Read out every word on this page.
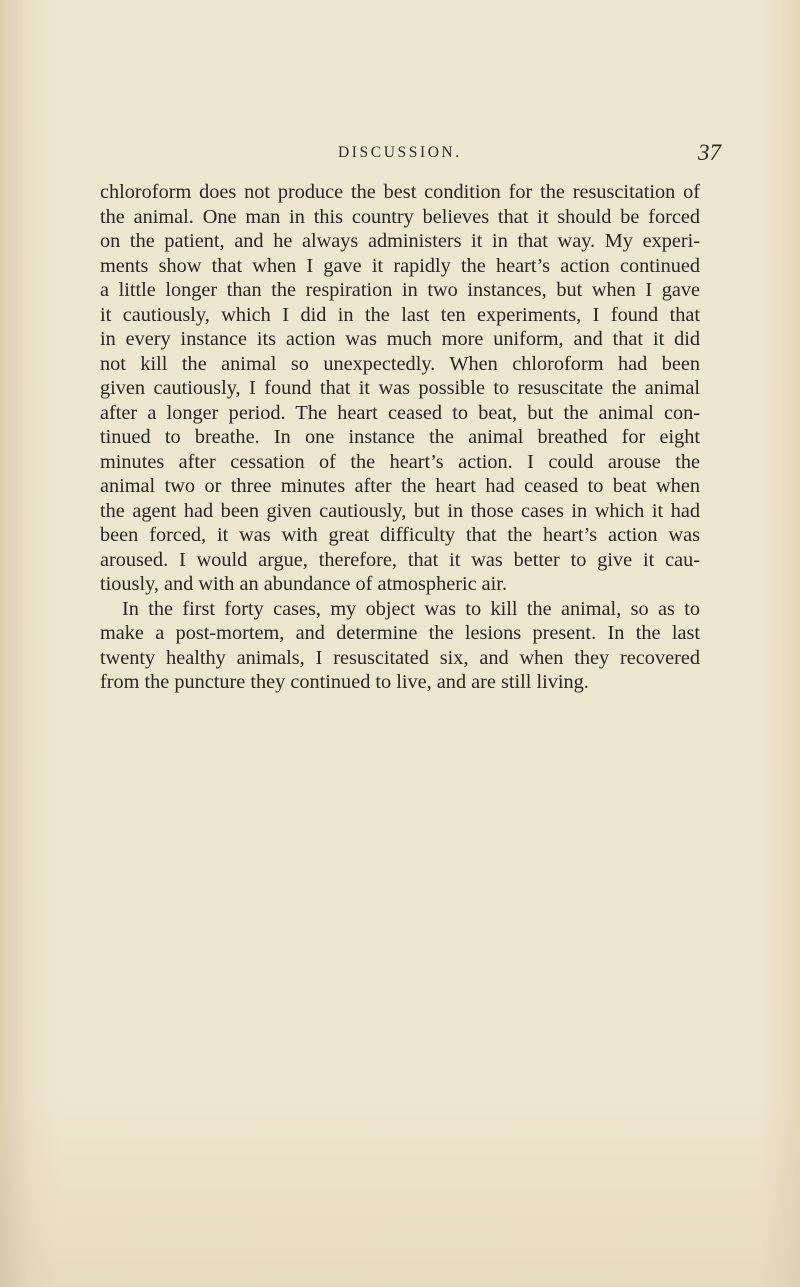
DISCUSSION.	37
chloroform does not produce the best condition for the resuscitation of
the animal. One man in this country believes that it should be forced
on the patient, and he always administers it in that way. My experi-
ments show that when I gave it rapidly the heart’s action continued
a little longer than the respiration in two instances, but when I gave
it cautiously, which I did in the last ten experiments, I found that
in every instance its action was much more uniform, and that it did
not kill the animal so unexpectedly. When chloroform had been
given cautiously, I found that it was possible to resuscitate the animal
after a longer period. The heart ceased to beat, but the animal con-
tinued to breathe. In one instance the animal breathed for eight
minutes after cessation of the heart’s action. I could arouse the
animal two or three minutes after the heart had ceased to beat when
the agent had been given cautiously, but in those cases in which it had
been forced, it was with great difficulty that the heart’s action was
aroused. I would argue, therefore, that it was better to give it cau-
tiously, and with an abundance of atmospheric air.
In the first forty cases, my object was to kill the animal, so as to
make a post-mortem, and determine the lesions present. In the last
twenty healthy animals, I resuscitated six, and when they recovered
from the puncture they continued to live, and are still living.
